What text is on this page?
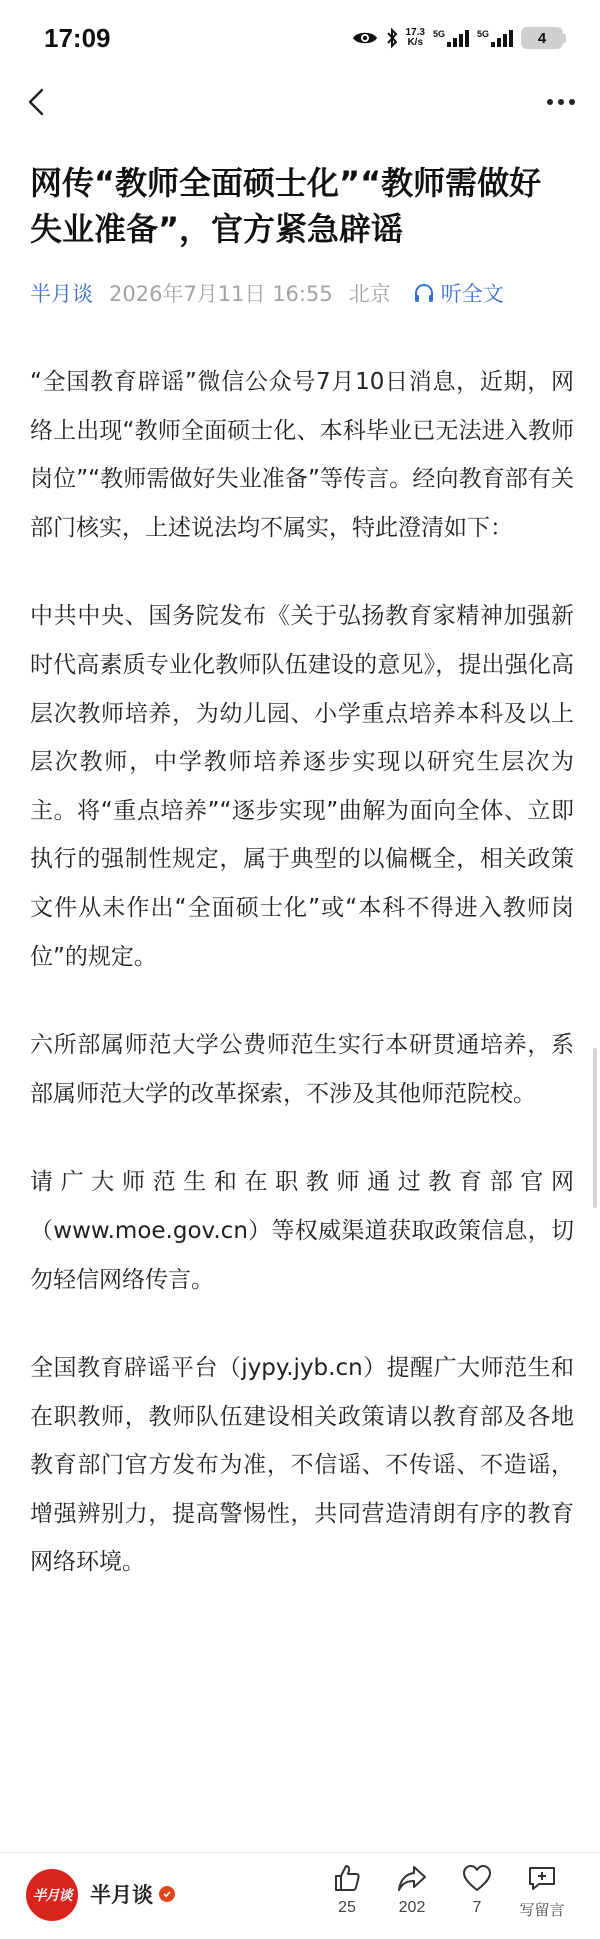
17:09	17.3
K/s
5G	5G	4
网传“教师全面硕士化”“教师需做好失业准备”，官方紧急辟谣
半月谈 2026年7月11日 16:55 北京 听全文

“全国教育辟谣”微信公众号7月10日消息，近期，网络上出现“教师全面硕士化、本科毕业已无法进入教师岗位”“教师需做好失业准备”等传言。经向教育部有关部门核实，上述说法均不属实，特此澄清如下：

中共中央、国务院发布《关于弘扬教育家精神加强新时代高素质专业化教师队伍建设的意见》，提出强化高层次教师培养，为幼儿园、小学重点培养本科及以上层次教师，中学教师培养逐步实现以研究生层次为主。将“重点培养”“逐步实现”曲解为面向全体、立即执行的强制性规定，属于典型的以偏概全，相关政策文件从未作出“全面硕士化”或“本科不得进入教师岗位”的规定。

六所部属师范大学公费师范生实行本研贯通培养，系部属师范大学的改革探索，不涉及其他师范院校。

请广大师范生和在职教师通过教育部官网（www.moe.gov.cn）等权威渠道获取政策信息，切勿轻信网络传言。

全国教育辟谣平台（jypy.jyb.cn）提醒广大师范生和在职教师，教师队伍建设相关政策请以教育部及各地教育部门官方发布为准，不信谣、不传谣、不造谣，增强辨别力，提高警惕性，共同营造清朗有序的教育网络环境。

半月谈 半月谈
25	202	7	写留言
